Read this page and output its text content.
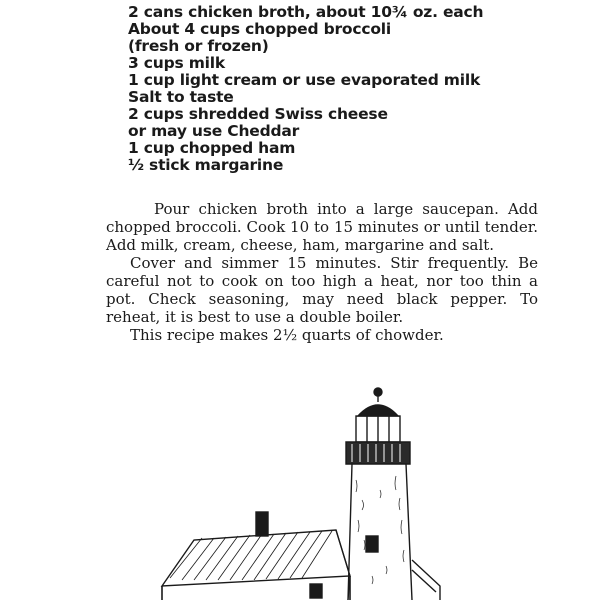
2 cans chicken broth, about 10¾ oz. each
About 4 cups chopped broccoli
(fresh or frozen)
3 cups milk
1 cup light cream or use evaporated milk
Salt to taste
2 cups shredded Swiss cheese
or may use Cheddar
1 cup chopped ham
½ stick margarine

Pour chicken broth into a large saucepan. Add chopped broccoli. Cook 10 to 15 minutes or until tender. Add milk, cream, cheese, ham, margarine and salt.

Cover and simmer 15 minutes. Stir frequently. Be careful not to cook on too high a heat, nor too thin a pot. Check seasoning, may need black pepper. To reheat, it is best to use a double boiler.

This recipe makes 2½ quarts of chowder.
